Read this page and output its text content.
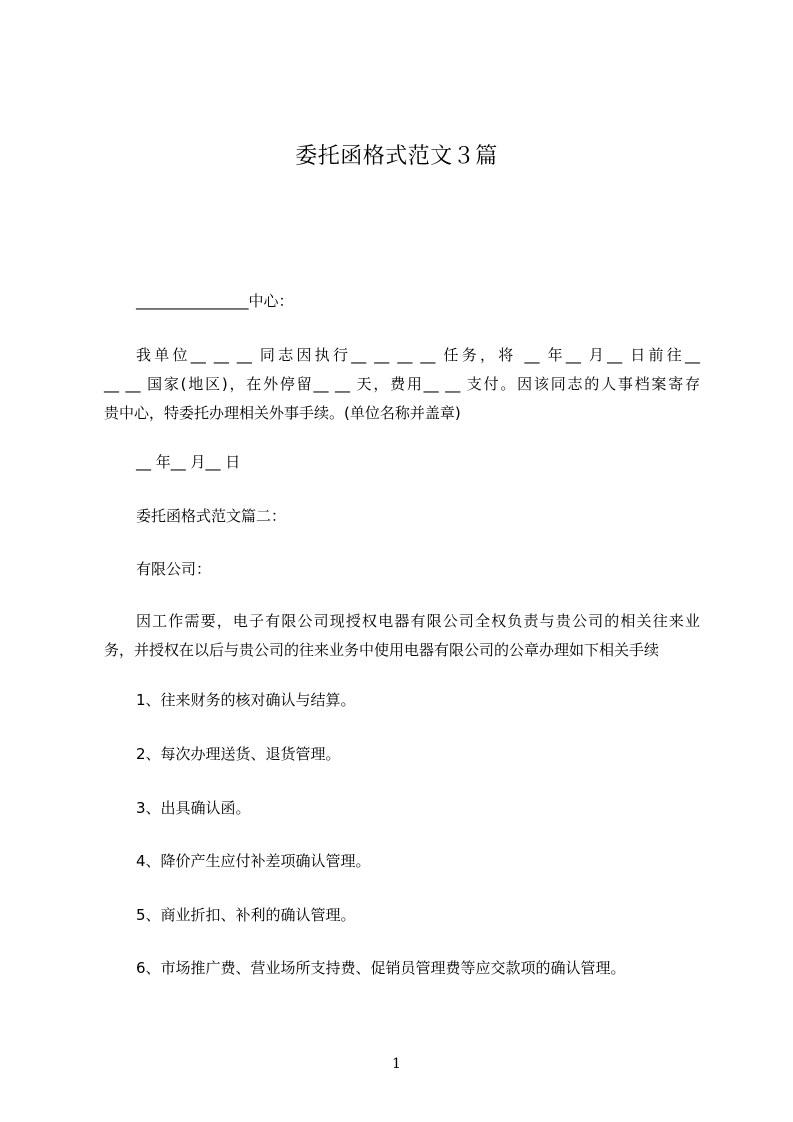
委托函格式范文３篇
_______________中心：
我单位__ __ __ 同志因执行__ __ __ __ 任务，将 __ 年__ 月__ 日前往__
__ __ 国家(地区)，在外停留__ __ 天，费用__ __ 支付。因该同志的人事档案寄存
贵中心，特委托办理相关外事手续。(单位名称并盖章)
__ 年__ 月__ 日
委托函格式范文篇二：
有限公司：
因工作需要，电子有限公司现授权电器有限公司全权负责与贵公司的相关往来业
务，并授权在以后与贵公司的往来业务中使用电器有限公司的公章办理如下相关手续
1、往来财务的核对确认与结算。
2、每次办理送货、退货管理。
3、出具确认函。
4、降价产生应付补差项确认管理。
5、商业折扣、补利的确认管理。
6、市场推广费、营业场所支持费、促销员管理费等应交款项的确认管理。
1
